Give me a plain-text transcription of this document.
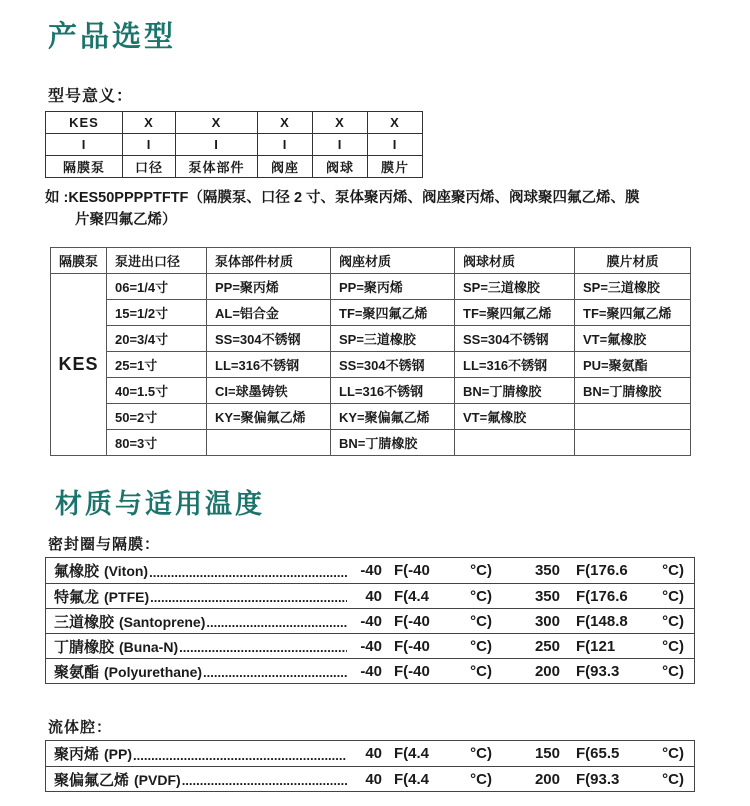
产品选型
型号意义：
KES	X	X	X	X	X
I	I	I	I	I	I
隔膜泵	口径	泵体部件	阀座	阀球	膜片
如 :KES50PPPPTFTF（隔膜泵、口径 2 寸、泵体聚丙烯、阀座聚丙烯、阀球聚四氟乙烯、膜
片聚四氟乙烯）
隔膜泵	泵进出口径	泵体部件材质	阀座材质	阀球材质	膜片材质
KES	06=1/4寸	PP=聚丙烯	PP=聚丙烯	SP=三道橡胶	SP=三道橡胶
	15=1/2寸	AL=铝合金	TF=聚四氟乙烯	TF=聚四氟乙烯	TF=聚四氟乙烯
	20=3/4寸	SS=304不锈钢	SP=三道橡胶	SS=304不锈钢	VT=氟橡胶
	25=1寸	LL=316不锈钢	SS=304不锈钢	LL=316不锈钢	PU=聚氨酯
	40=1.5寸	CI=球墨铸铁	LL=316不锈钢	BN=丁腈橡胶	BN=丁腈橡胶
	50=2寸	KY=聚偏氟乙烯	KY=聚偏氟乙烯	VT=氟橡胶	
	80=3寸		BN=丁腈橡胶		
材质与适用温度
密封圈与隔膜：
氟橡胶 (Viton) .....	-40 F( -40	°C)	350 F( 176.6 °C)
特氟龙 (PTFE) .....	40 F( 4.4	°C)	350 F( 176.6 °C)
三道橡胶 (Santoprene) .....	-40 F( -40	°C)	300 F( 148.8 °C)
丁腈橡胶 (Buna-N) .....	-40 F( -40	°C)	250 F( 121	°C)
聚氨酯 (Polyurethane) .....	-40 F( -40	°C)	200 F( 93.3	°C)
流体腔：
聚丙烯 (PP) .....	40 F( 4.4	°C)	150 F( 65.5	°C)
聚偏氟乙烯 (PVDF) .....	40 F( 4.4	°C)	200 F( 93.3	°C)
